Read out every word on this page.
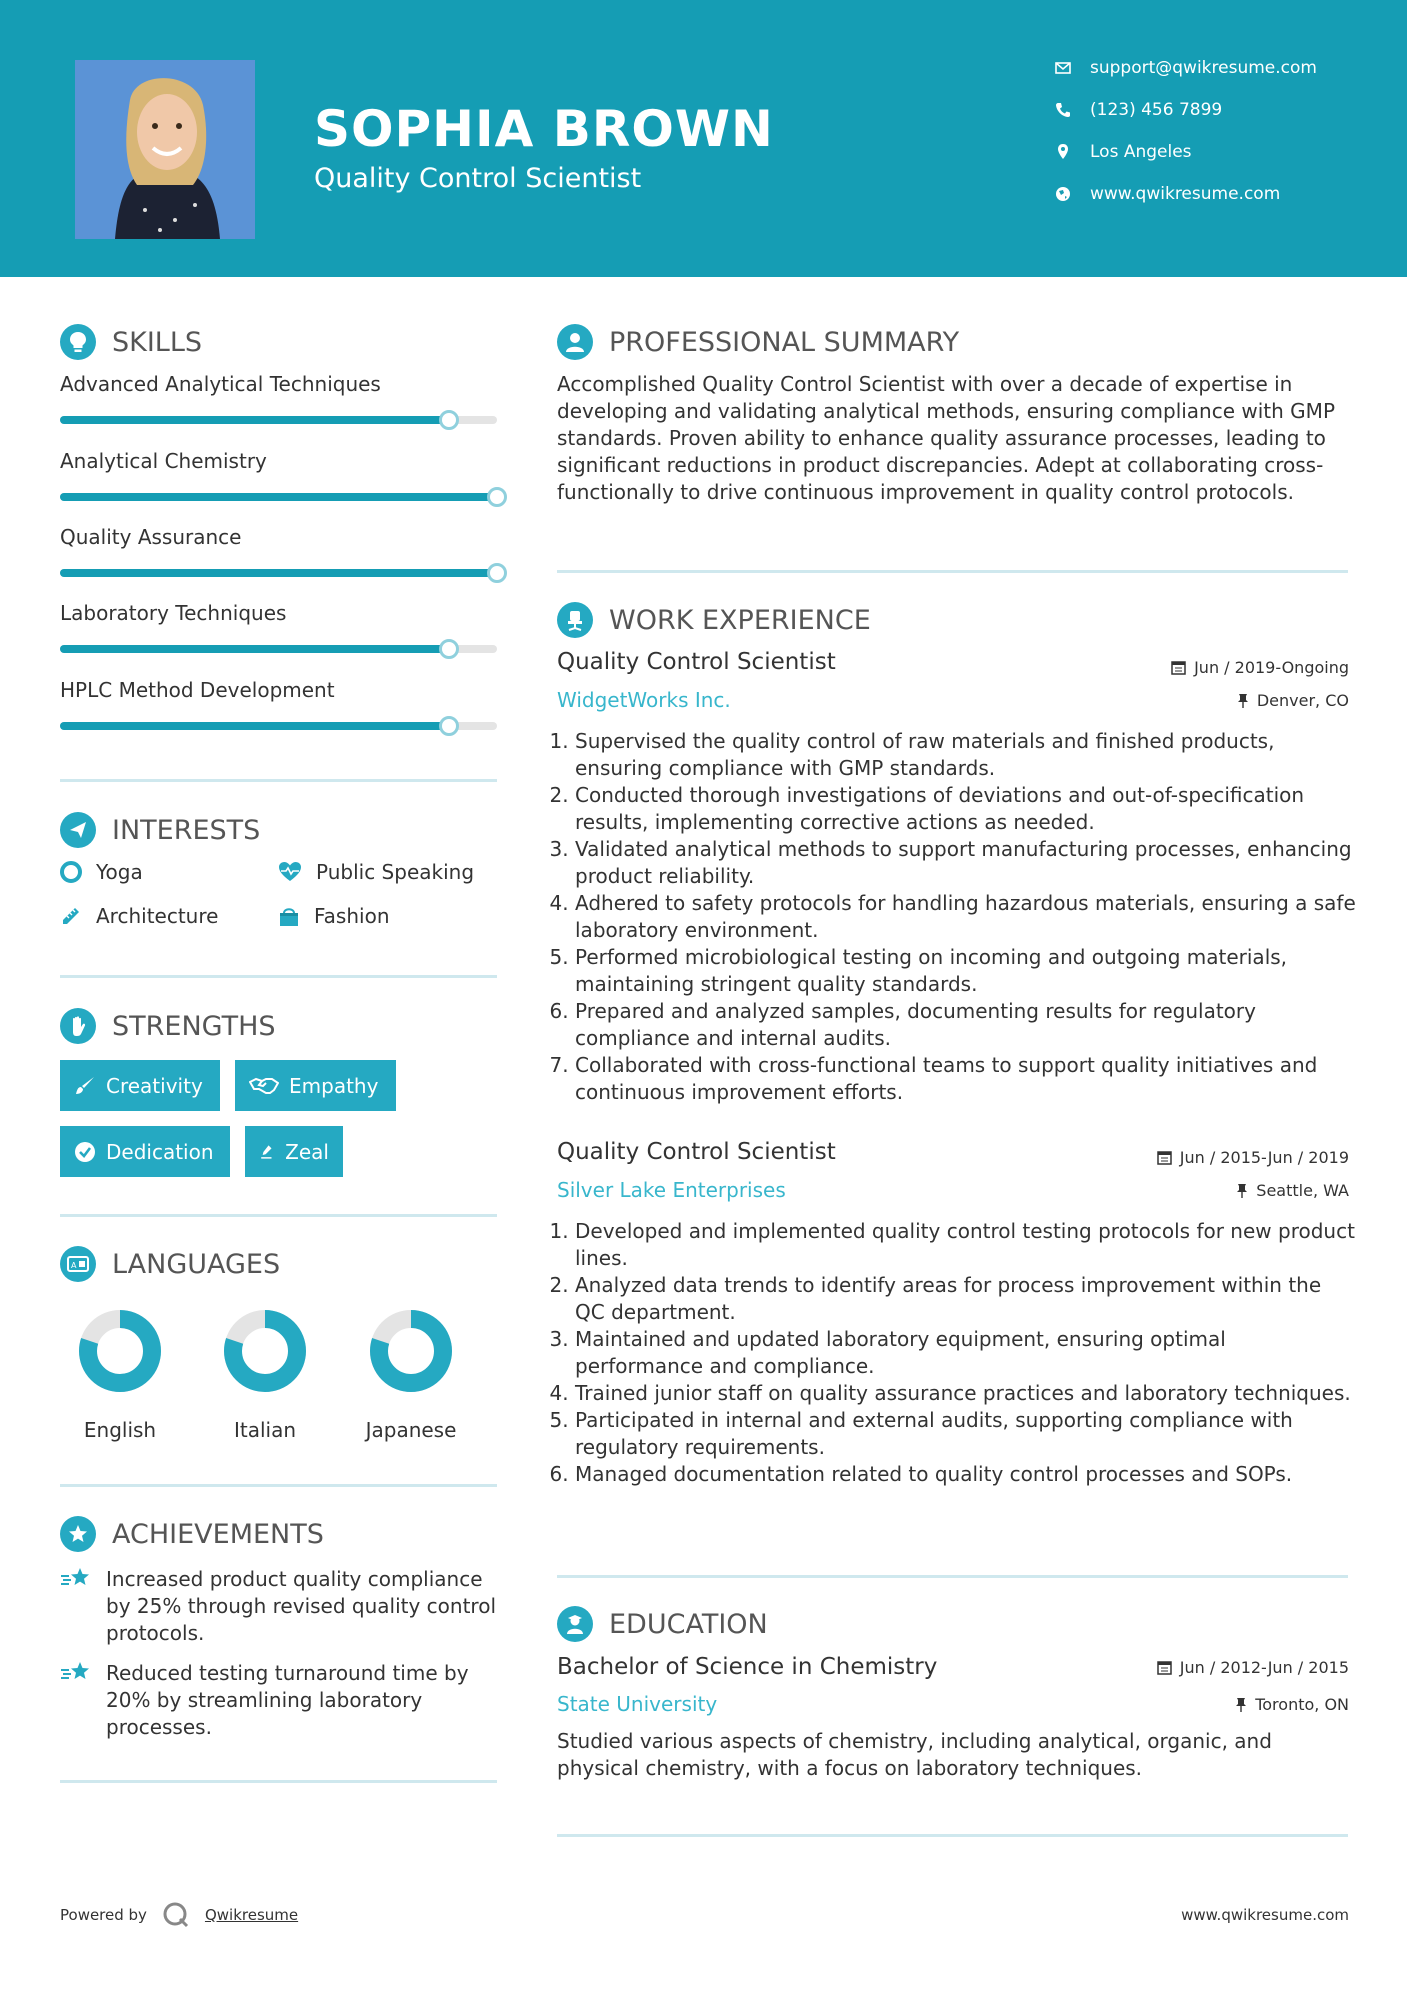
SOPHIA BROWN
Quality Control Scientist
support@qwikresume.com
(123) 456 7899
Los Angeles
www.qwikresume.com
SKILLS
Advanced Analytical Techniques
Analytical Chemistry
Quality Assurance
Laboratory Techniques
HPLC Method Development
INTERESTS
Yoga	Public Speaking
Architecture	Fashion
STRENGTHS
Creativity	Empathy
Dedication	Zeal
A LANGUAGES
English	Italian	Japanese
ACHIEVEMENTS
Increased product quality compliance by 25% through revised quality control protocols.
Reduced testing turnaround time by 20% by streamlining laboratory processes.
PROFESSIONAL SUMMARY
Accomplished Quality Control Scientist with over a decade of expertise in developing and validating analytical methods, ensuring compliance with GMP standards. Proven ability to enhance quality assurance processes, leading to significant reductions in product discrepancies. Adept at collaborating cross-functionally to drive continuous improvement in quality control protocols.
WORK EXPERIENCE
Quality Control Scientist	Jun / 2019-Ongoing
WidgetWorks Inc.	Denver, CO
1. Supervised the quality control of raw materials and finished products, ensuring compliance with GMP standards.
2. Conducted thorough investigations of deviations and out-of-specification results, implementing corrective actions as needed.
3. Validated analytical methods to support manufacturing processes, enhancing product reliability.
4. Adhered to safety protocols for handling hazardous materials, ensuring a safe laboratory environment.
5. Performed microbiological testing on incoming and outgoing materials, maintaining stringent quality standards.
6. Prepared and analyzed samples, documenting results for regulatory compliance and internal audits.
7. Collaborated with cross-functional teams to support quality initiatives and continuous improvement efforts.
Quality Control Scientist	Jun / 2015-Jun / 2019
Silver Lake Enterprises	Seattle, WA
1. Developed and implemented quality control testing protocols for new product lines.
2. Analyzed data trends to identify areas for process improvement within the QC department.
3. Maintained and updated laboratory equipment, ensuring optimal performance and compliance.
4. Trained junior staff on quality assurance practices and laboratory techniques.
5. Participated in internal and external audits, supporting compliance with regulatory requirements.
6. Managed documentation related to quality control processes and SOPs.
EDUCATION
Bachelor of Science in Chemistry	Jun / 2012-Jun / 2015
State University	Toronto, ON
Studied various aspects of chemistry, including analytical, organic, and physical chemistry, with a focus on laboratory techniques.
Powered by	Qwikresume	www.qwikresume.com
